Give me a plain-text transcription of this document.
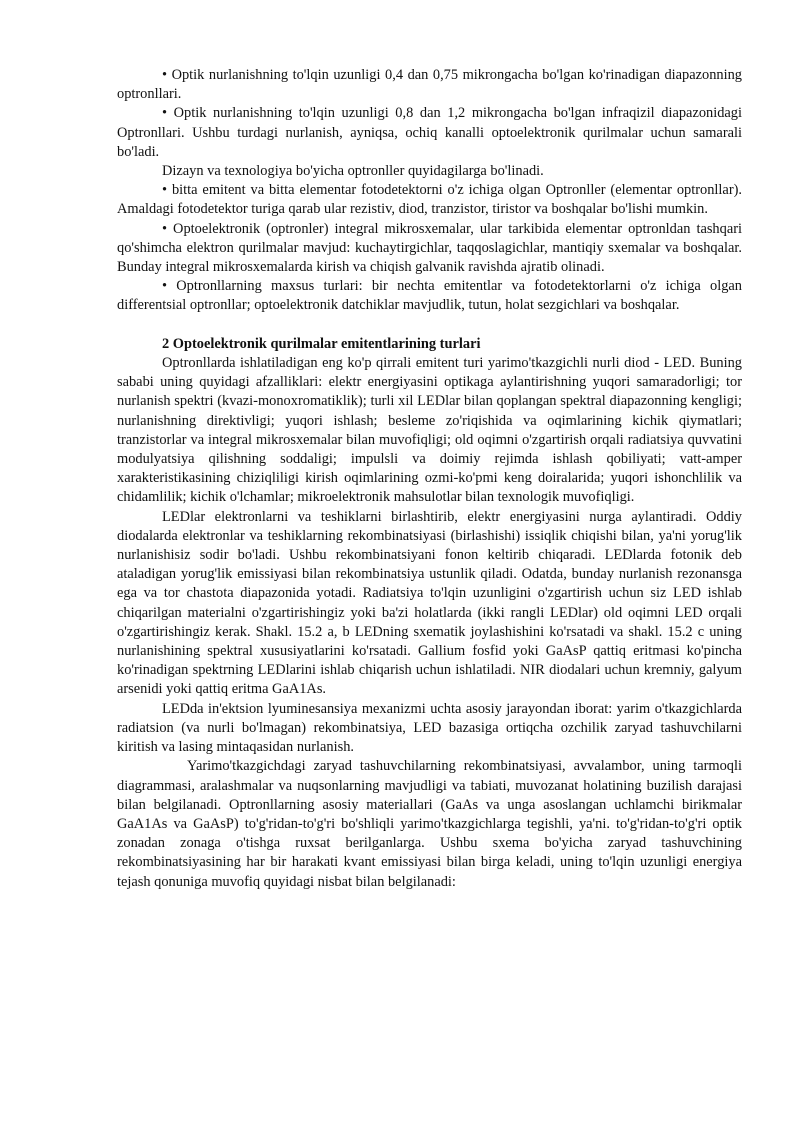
• Optik nurlanishning to'lqin uzunligi 0,4 dan 0,75 mikrongacha bo'lgan ko'rinadigan diapazonning optronllari.

• Optik nurlanishning to'lqin uzunligi 0,8 dan 1,2 mikrongacha bo'lgan infraqizil diapazonidagi Optronllari. Ushbu turdagi nurlanish, ayniqsa, ochiq kanalli optoelektronik qurilmalar uchun samarali bo'ladi.

Dizayn va texnologiya bo'yicha optronller quyidagilarga bo'linadi.

• bitta emitent va bitta elementar fotodetektorni o'z ichiga olgan Optronller (elementar optronllar). Amaldagi fotodetektor turiga qarab ular rezistiv, diod, tranzistor, tiristor va boshqalar bo'lishi mumkin.

• Optoelektronik (optronler) integral mikrosxemalar, ular tarkibida elementar optronldan tashqari qo'shimcha elektron qurilmalar mavjud: kuchaytirgichlar, taqqoslagichlar, mantiqiy sxemalar va boshqalar. Bunday integral mikrosxemalarda kirish va chiqish galvanik ravishda ajratib olinadi.

• Optronllarning maxsus turlari: bir nechta emitentlar va fotodetektorlarni o'z ichiga olgan differentsial optronllar; optoelektronik datchiklar mavjudlik, tutun, holat sezgichlari va boshqalar.

2 Optoelektronik qurilmalar emitentlarining turlari

Optronllarda ishlatiladigan eng ko'p qirrali emitent turi yarimo'tkazgichli nurli diod - LED. Buning sababi uning quyidagi afzalliklari: elektr energiyasini optikaga aylantirishning yuqori samaradorligi; tor nurlanish spektri (kvazi-monoxromatiklik); turli xil LEDlar bilan qoplangan spektral diapazonning kengligi; nurlanishning direktivligi; yuqori ishlash; besleme zo'riqishida va oqimlarining kichik qiymatlari; tranzistorlar va integral mikrosxemalar bilan muvofiqligi; old oqimni o'zgartirish orqali radiatsiya quvvatini modulyatsiya qilishning soddaligi; impulsli va doimiy rejimda ishlash qobiliyati; vatt-amper xarakteristikasining chiziqliligi kirish oqimlarining ozmi-ko'pmi keng doiralarida; yuqori ishonchlilik va chidamlilik; kichik o'lchamlar; mikroelektronik mahsulotlar bilan texnologik muvofiqligi.

LEDlar elektronlarni va teshiklarni birlashtirib, elektr energiyasini nurga aylantiradi. Oddiy diodalarda elektronlar va teshiklarning rekombinatsiyasi (birlashishi) issiqlik chiqishi bilan, ya'ni yorug'lik nurlanishisiz sodir bo'ladi. Ushbu rekombinatsiyani fonon keltirib chiqaradi. LEDlarda fotonik deb ataladigan yorug'lik emissiyasi bilan rekombinatsiya ustunlik qiladi. Odatda, bunday nurlanish rezonansga ega va tor chastota diapazonida yotadi. Radiatsiya to'lqin uzunligini o'zgartirish uchun siz LED ishlab chiqarilgan materialni o'zgartirishingiz yoki ba'zi holatlarda (ikki rangli LEDlar) old oqimni LED orqali o'zgartirishingiz kerak. Shakl. 15.2 a, b LEDning sxematik joylashishini ko'rsatadi va shakl. 15.2 c uning nurlanishining spektral xususiyatlarini ko'rsatadi. Gallium fosfid yoki GaAsP qattiq eritmasi ko'pincha ko'rinadigan spektrning LEDlarini ishlab chiqarish uchun ishlatiladi. NIR diodalari uchun kremniy, galyum arsenidi yoki qattiq eritma GaA1As.

LEDda in'ektsion lyuminesansiya mexanizmi uchta asosiy jarayondan iborat: yarim o'tkazgichlarda radiatsion (va nurli bo'lmagan) rekombinatsiya, LED bazasiga ortiqcha ozchilik zaryad tashuvchilarni kiritish va lasing mintaqasidan nurlanish.

Yarimo'tkazgichdagi zaryad tashuvchilarning rekombinatsiyasi, avvalambor, uning tarmoqli diagrammasi, aralashmalar va nuqsonlarning mavjudligi va tabiati, muvozanat holatining buzilish darajasi bilan belgilanadi. Optronllarning asosiy materiallari (GaAs va unga asoslangan uchlamchi birikmalar GaA1As va GaAsP) to'g'ridan-to'g'ri bo'shliqli yarimo'tkazgichlarga tegishli, ya'ni. to'g'ridan-to'g'ri optik zonadan zonaga o'tishga ruxsat berilganlarga. Ushbu sxema bo'yicha zaryad tashuvchining rekombinatsiyasining har bir harakati kvant emissiyasi bilan birga keladi, uning to'lqin uzunligi energiya tejash qonuniga muvofiq quyidagi nisbat bilan belgilanadi:
